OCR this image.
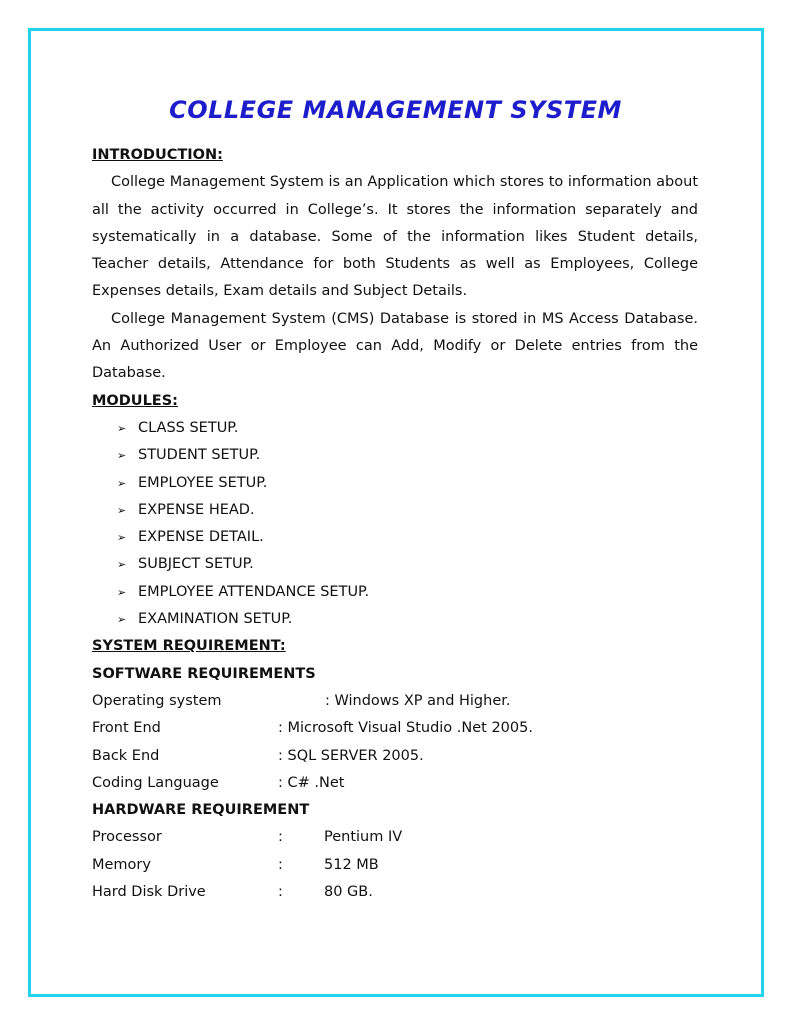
COLLEGE MANAGEMENT SYSTEM
INTRODUCTION:

College Management System is an Application which stores to information about all the activity occurred in College’s. It stores the information separately and systematically in a database. Some of the information likes Student details, Teacher details, Attendance for both Students as well as Employees, College Expenses details, Exam details and Subject Details.

College Management System (CMS) Database is stored in MS Access Database. An Authorized User or Employee can Add, Modify or Delete entries from the Database.

MODULES:
➢ CLASS SETUP.
➢ STUDENT SETUP.
➢ EMPLOYEE SETUP.
➢ EXPENSE HEAD.
➢ EXPENSE DETAIL.
➢ SUBJECT SETUP.
➢ EMPLOYEE ATTENDANCE SETUP.
➢ EXAMINATION SETUP.
SYSTEM REQUIREMENT:
SOFTWARE REQUIREMENTS
Operating system	: Windows XP and Higher.
Front End	: Microsoft Visual Studio .Net 2005.
Back End	: SQL SERVER 2005.
Coding Language	: C# .Net
HARDWARE REQUIREMENT
Processor	:	Pentium IV
Memory	:	512 MB
Hard Disk Drive	:	80 GB.
